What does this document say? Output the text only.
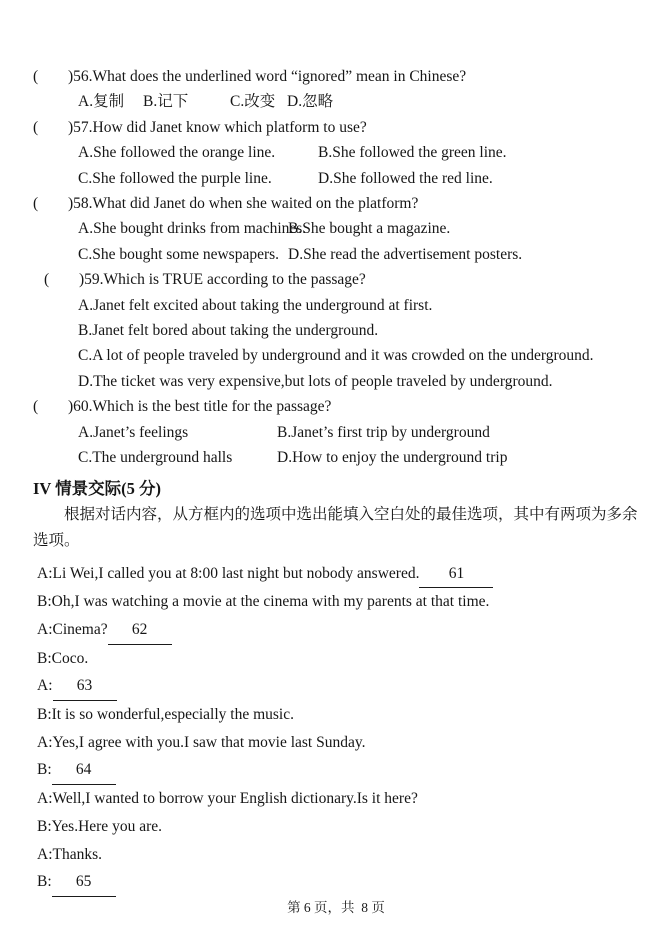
( )56.What does the underlined word “ignored” mean in Chinese?
A.复制	B.记下	C.改变 D.忽略
( )57.How did Janet know which platform to use?
A.She followed the orange line.	B.She followed the green line.
C.She followed the purple line.	D.She followed the red line.
( )58.What did Janet do when she waited on the platform?
A.She bought drinks from machines.
B.She bought a magazine.
C.She bought some newspapers. D.She read the advertisement posters.
( )59.Which is TRUE according to the passage?
A.Janet felt excited about taking the underground at first.
B.Janet felt bored about taking the underground.
C.A lot of people traveled by underground and it was crowded on the underground.
D.The ticket was very expensive,but lots of people traveled by underground.
( )60.Which is the best title for the passage?
A.Janet’s feelings	B.Janet’s first trip by underground
C.The underground halls	D.How to enjoy the underground trip
IV 情景交际(5 分)
根据对话内容，从方框内的选项中选出能填入空白处的最佳选项，其中有两项为多余
选项。
A:Li Wei,I called you at 8:00 last night but nobody answered. 61
B:Oh,I was watching a movie at the cinema with my parents at that time.
A:Cinema? 62
B:Coco.
A: 63
B:It is so wonderful,especially the music.
A:Yes,I agree with you.I saw that movie last Sunday.
B: 64
A:Well,I wanted to borrow your English dictionary.Is it here?
B:Yes.Here you are.
A:Thanks.
B: 65
第 6 页，共  8 页
